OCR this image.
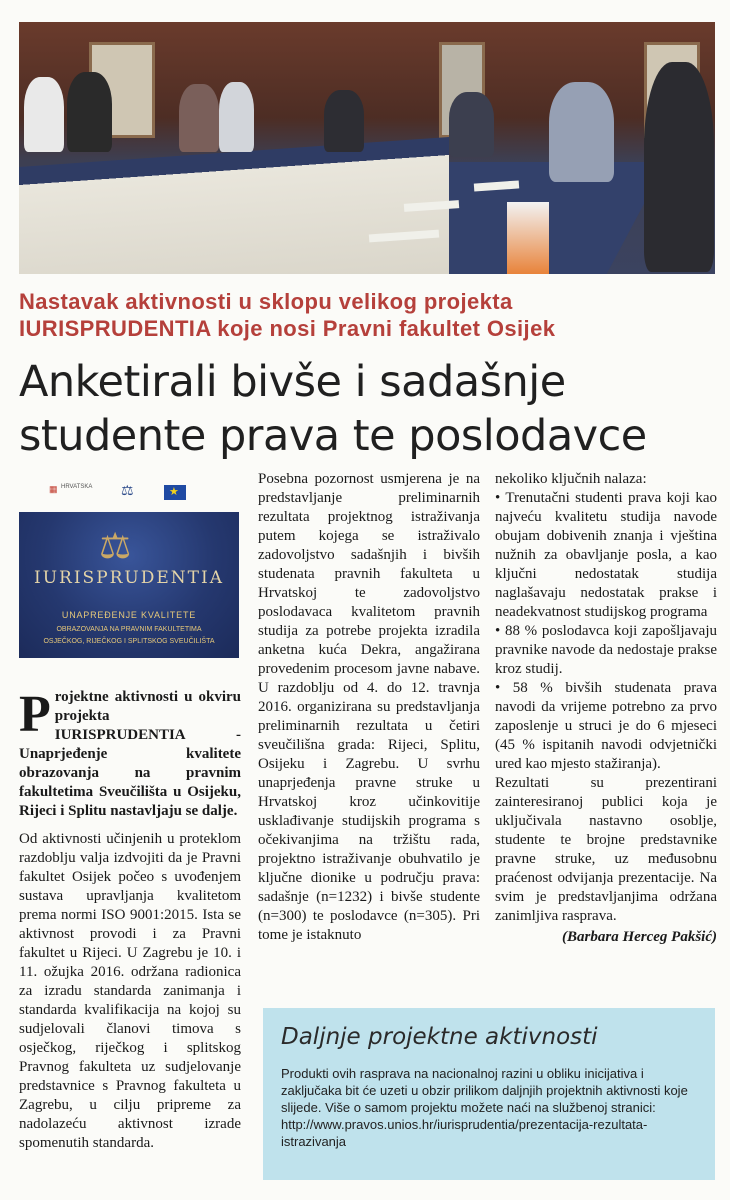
Nastavak aktivnosti u sklopu velikog projekta
IURISPRUDENTIA koje nosi Pravni fakultet Osijek
Anketirali bivše i sadašnje
studente prava te poslodavce
▦ HRVATSKA ⚖
★
⚖
IURISPRUDENTIA
UNAPREĐENJE KVALITETE
OBRAZOVANJA NA PRAVNIM FAKULTETIMA
OSJEČKOG, RIJEČKOG I SPLITSKOG SVEUČILIŠTA

Projektne aktivnosti u okviru projekta IURISPRUDENTIA - Unaprjeđenje kvalitete obrazovanja na pravnim fakultetima Sveučilišta u Osijeku, Rijeci i Splitu nastavljaju se dalje.

Od aktivnosti učinjenih u proteklom razdoblju valja izdvojiti da je Pravni fakultet Osijek počeo s uvođenjem sustava upravljanja kvalitetom prema normi ISO 9001:2015. Ista se aktivnost provodi i za Pravni fakultet u Rijeci. U Zagrebu je 10. i 11. ožujka 2016. održana radionica za izradu standarda zanimanja i standarda kvalifikacija na kojoj su sudjelovali članovi timova s osječkog, riječkog i splitskog Pravnog fakulteta uz sudjelovanje predstavnice s Pravnog fakulteta u Zagrebu, u cilju pripreme za nadolazeću aktivnost izrade spomenutih standarda.

Posebna pozornost usmjerena je na predstavljanje preliminarnih rezultata projektnog istraživanja putem kojega se istraživalo zadovoljstvo sadašnjih i bivših studenata pravnih fakulteta u Hrvatskoj te zadovoljstvo poslodavaca kvalitetom pravnih studija za potrebe projekta izradila anketna kuća Dekra, angažirana provedenim procesom javne nabave. U razdoblju od 4. do 12. travnja 2016. organizirana su predstavljanja preliminarnih rezultata u četiri sveučilišna grada: Rijeci, Splitu, Osijeku i Zagrebu. U svrhu unaprjeđenja pravne struke u Hrvatskoj kroz učinkovitije usklađivanje studijskih programa s očekivanjima na tržištu rada, projektno istraživanje obuhvatilo je ključne dionike u području prava: sadašnje (n=1232) i bivše studente (n=300) te poslodavce (n=305). Pri tome je istaknuto

nekoliko ključnih nalaza:

• Trenutačni studenti prava koji kao najveću kvalitetu studija navode obujam dobivenih znanja i vještina nužnih za obavljanje posla, a kao ključni nedostatak studija naglašavaju nedostatak prakse i neadekvatnost studijskog programa

• 88 % poslodavca koji zapošljavaju pravnike navode da nedostaje prakse kroz studij.

• 58 % bivših studenata prava navodi da vrijeme potrebno za prvo zaposlenje u struci je do 6 mjeseci (45 % ispitanih navodi odvjetnički ured kao mjesto stažiranja).

Rezultati su prezentirani zainteresiranoj publici koja je uključivala nastavno osoblje, studente te brojne predstavnike pravne struke, uz međusobnu praćenost odvijanja prezentacije. Na svim je predstavljanjima održana zanimljiva rasprava.

(Barbara Herceg Pakšić)

Daljnje projektne aktivnosti

Produkti ovih rasprava na nacionalnoj razini u obliku inicijativa i zaključaka bit će uzeti u obzir prilikom daljnjih projektnih aktivnosti koje slijede. Više o samom projektu možete naći na službenoj stranici:
http://www.pravos.unios.hr/iurisprudentia/prezentacija-rezultata-istrazivanja
